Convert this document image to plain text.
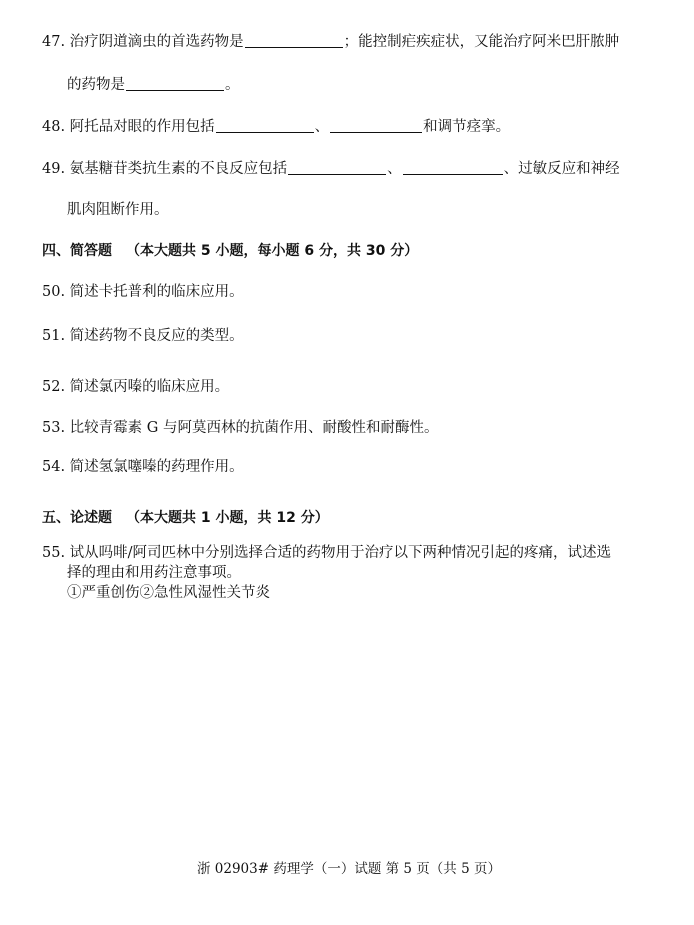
47. 治疗阴道滴虫的首选药物是	；能控制疟疾症状，又能治疗阿米巴肝脓肿
的药物是	。
48. 阿托品对眼的作用包括	、	和调节痉挛。
49. 氨基糖苷类抗生素的不良反应包括	、	、过敏反应和神经
肌肉阻断作用。
四、简答题 （本大题共 5 小题，每小题 6 分，共 30 分）
50. 简述卡托普利的临床应用。
51. 简述药物不良反应的类型。
52. 简述氯丙嗪的临床应用。
53. 比较青霉素 G 与阿莫西林的抗菌作用、耐酸性和耐酶性。
54. 简述氢氯噻嗪的药理作用。
五、论述题 （本大题共 1 小题，共 12 分）
55. 试从吗啡/阿司匹林中分别选择合适的药物用于治疗以下两种情况引起的疼痛，试述选
择的理由和用药注意事项。
①严重创伤②急性风湿性关节炎
浙 02903# 药理学（一）试题 第 5 页（共 5 页）
